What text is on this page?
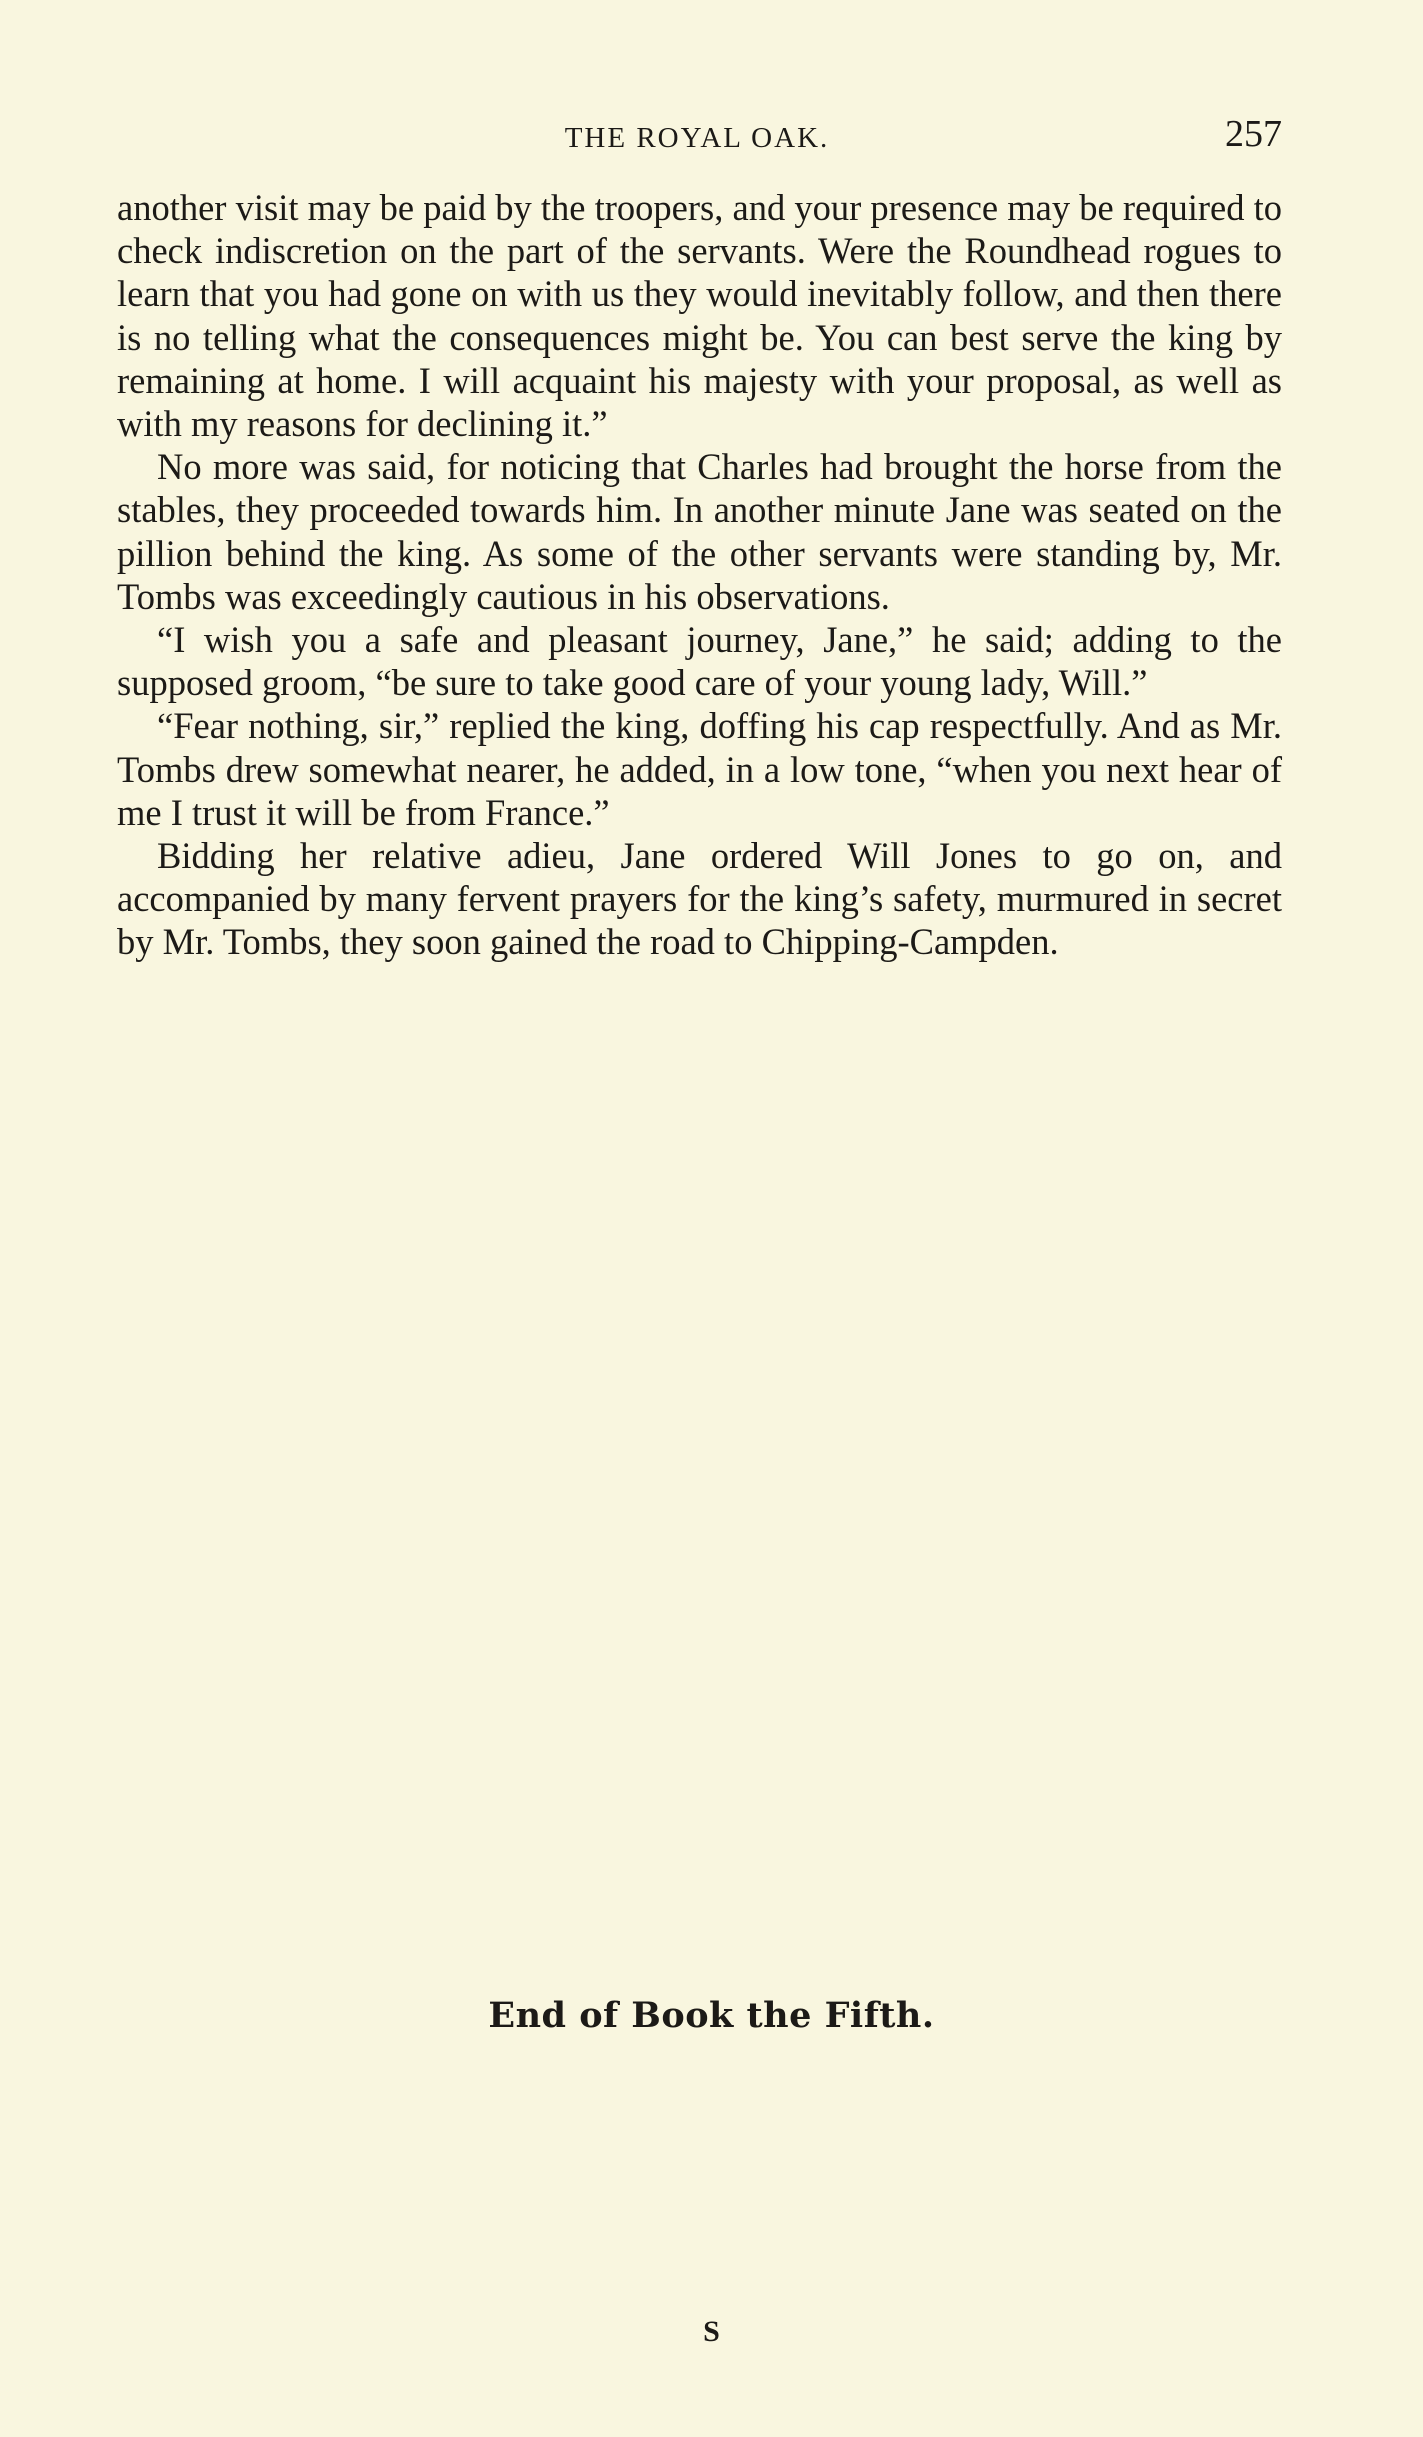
THE ROYAL OAK.	257

another visit may be paid by the troopers, and your presence may be required to check indiscretion on the part of the servants. Were the Roundhead rogues to learn that you had gone on with us they would inevitably follow, and then there is no telling what the consequences might be. You can best serve the king by remaining at home. I will acquaint his majesty with your proposal, as well as with my reasons for declining it.”

No more was said, for noticing that Charles had brought the horse from the stables, they proceeded towards him. In another minute Jane was seated on the pillion behind the king. As some of the other servants were standing by, Mr. Tombs was exceedingly cautious in his observations.

“I wish you a safe and pleasant journey, Jane,” he said; adding to the supposed groom, “be sure to take good care of your young lady, Will.”

“Fear nothing, sir,” replied the king, doffing his cap respectfully. And as Mr. Tombs drew somewhat nearer, he added, in a low tone, “when you next hear of me I trust it will be from France.”

Bidding her relative adieu, Jane ordered Will Jones to go on, and accompanied by many fervent prayers for the king’s safety, murmured in secret by Mr. Tombs, they soon gained the road to Chipping-Campden.

End of Book the Fifth.
S
